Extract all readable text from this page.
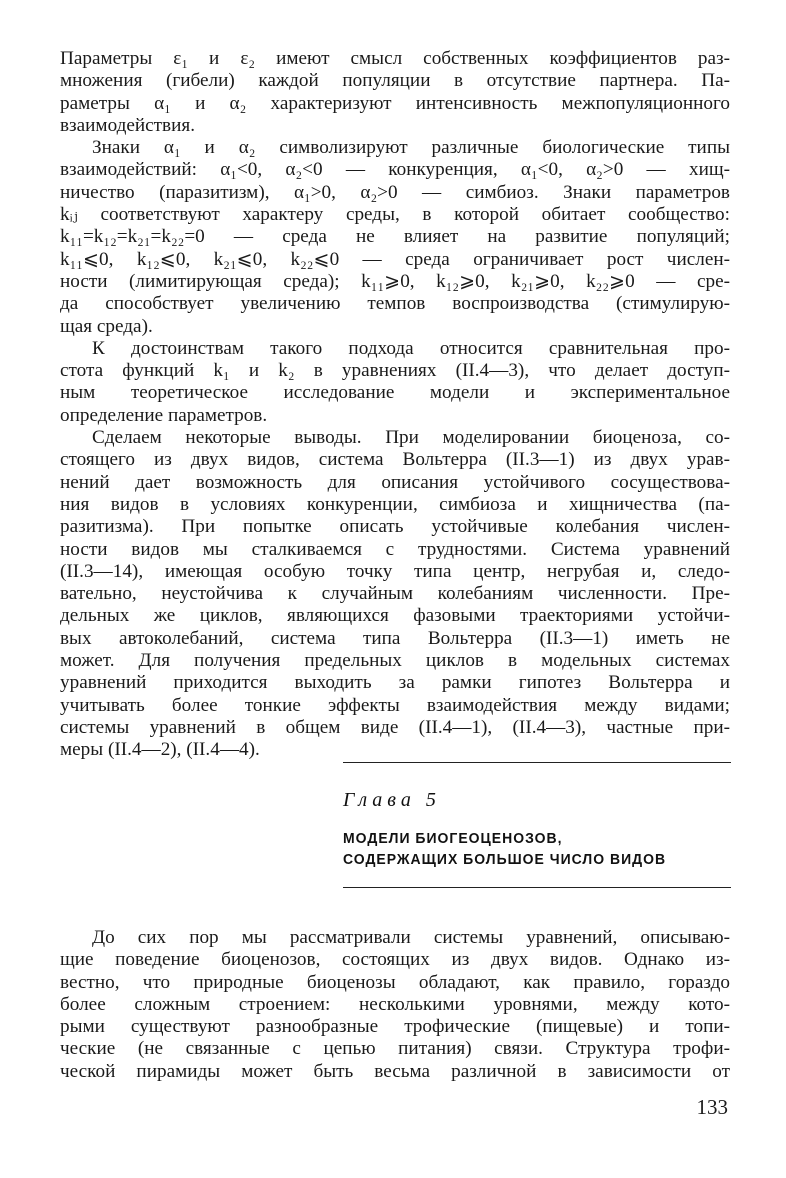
Параметры ε₁ и ε₂ имеют смысл собственных коэффициентов раз-
множения (гибели) каждой популяции в отсутствие партнера. Па-
раметры α₁ и α₂ характеризуют интенсивность межпопуляционного
взаимодействия.
Знаки α₁ и α₂ символизируют различные биологические типы
взаимодействий: α₁<0, α₂<0 — конкуренция, α₁<0, α₂>0 — хищ-
ничество (паразитизм), α₁>0, α₂>0 — симбиоз. Знаки параметров
kᵢⱼ соответствуют характеру среды, в которой обитает сообщество:
k₁₁=k₁₂=k₂₁=k₂₂=0 — среда не влияет на развитие популяций;
k₁₁⩽0, k₁₂⩽0, k₂₁⩽0, k₂₂⩽0 — среда ограничивает рост числен-
ности (лимитирующая среда); k₁₁⩾0, k₁₂⩾0, k₂₁⩾0, k₂₂⩾0 — сре-
да способствует увеличению темпов воспроизводства (стимулирую-
щая среда).
К достоинствам такого подхода относится сравнительная про-
стота функций k₁ и k₂ в уравнениях (II.4—3), что делает доступ-
ным теоретическое исследование модели и экспериментальное
определение параметров.
Сделаем некоторые выводы. При моделировании биоценоза, со-
стоящего из двух видов, система Вольтерра (II.3—1) из двух урав-
нений дает возможность для описания устойчивого сосуществова-
ния видов в условиях конкуренции, симбиоза и хищничества (па-
разитизма). При попытке описать устойчивые колебания числен-
ности видов мы сталкиваемся с трудностями. Система уравнений
(II.3—14), имеющая особую точку типа центр, негрубая и, следо-
вательно, неустойчива к случайным колебаниям численности. Пре-
дельных же циклов, являющихся фазовыми траекториями устойчи-
вых автоколебаний, система типа Вольтерра (II.3—1) иметь не
может. Для получения предельных циклов в модельных системах
уравнений приходится выходить за рамки гипотез Вольтерра и
учитывать более тонкие эффекты взаимодействия между видами;
системы уравнений в общем виде (II.4—1), (II.4—3), частные при-
меры (II.4—2), (II.4—4).
Глава 5
МОДЕЛИ БИОГЕОЦЕНОЗОВ,
СОДЕРЖАЩИХ БОЛЬШОЕ ЧИСЛО ВИДОВ
До сих пор мы рассматривали системы уравнений, описываю-
щие поведение биоценозов, состоящих из двух видов. Однако из-
вестно, что природные биоценозы обладают, как правило, гораздо
более сложным строением: несколькими уровнями, между кото-
рыми существуют разнообразные трофические (пищевые) и топи-
ческие (не связанные с цепью питания) связи. Структура трофи-
ческой пирамиды может быть весьма различной в зависимости от
133
